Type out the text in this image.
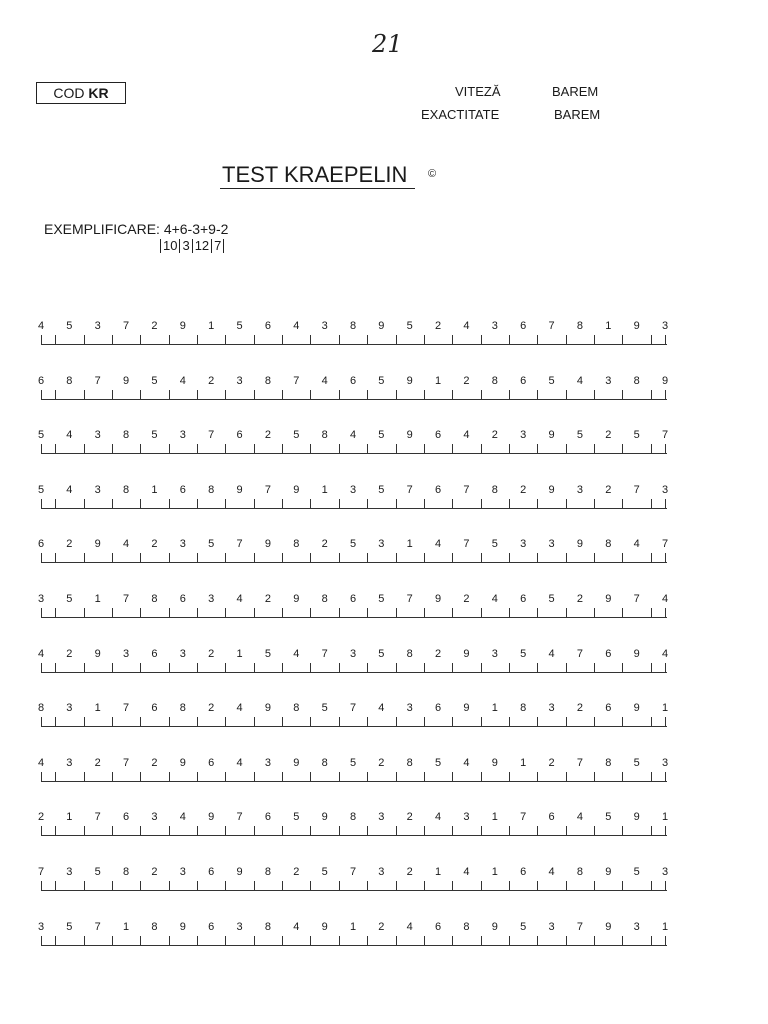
21
COD KR	VITEZĂ	BAREM
EXACTITATE	BAREM
TEST KRAEPELIN	©
EXEMPLIFICARE: 4+6-3+9-2
10 3 12 7
4 5 3 7 2 9 1 5 6 4 3 8 9 5 2 4 3 6 7 8 1 9 3
6 8 7 9 5 4 2 3 8 7 4 6 5 9 1 2 8 6 5 4 3 8 9
5 4 3 8 5 3 7 6 2 5 8 4 5 9 6 4 2 3 9 5 2 5 7
5 4 3 8 1 6 8 9 7 9 1 3 5 7 6 7 8 2 9 3 2 7 3
6 2 9 4 2 3 5 7 9 8 2 5 3 1 4 7 5 3 3 9 8 4 7
3 5 1 7 8 6 3 4 2 9 8 6 5 7 9 2 4 6 5 2 9 7 4
4 2 9 3 6 3 2 1 5 4 7 3 5 8 2 9 3 5 4 7 6 9 4
8 3 1 7 6 8 2 4 9 8 5 7 4 3 6 9 1 8 3 2 6 9 1
4 3 2 7 2 9 6 4 3 9 8 5 2 8 5 4 9 1 2 7 8 5 3
2 1 7 6 3 4 9 7 6 5 9 8 3 2 4 3 1 7 6 4 5 9 1
7 3 5 8 2 3 6 9 8 2 5 7 3 2 1 4 1 6 4 8 9 5 3
3 5 7 1 8 9 6 3 8 4 9 1 2 4 6 8 9 5 3 7 9 3 1
